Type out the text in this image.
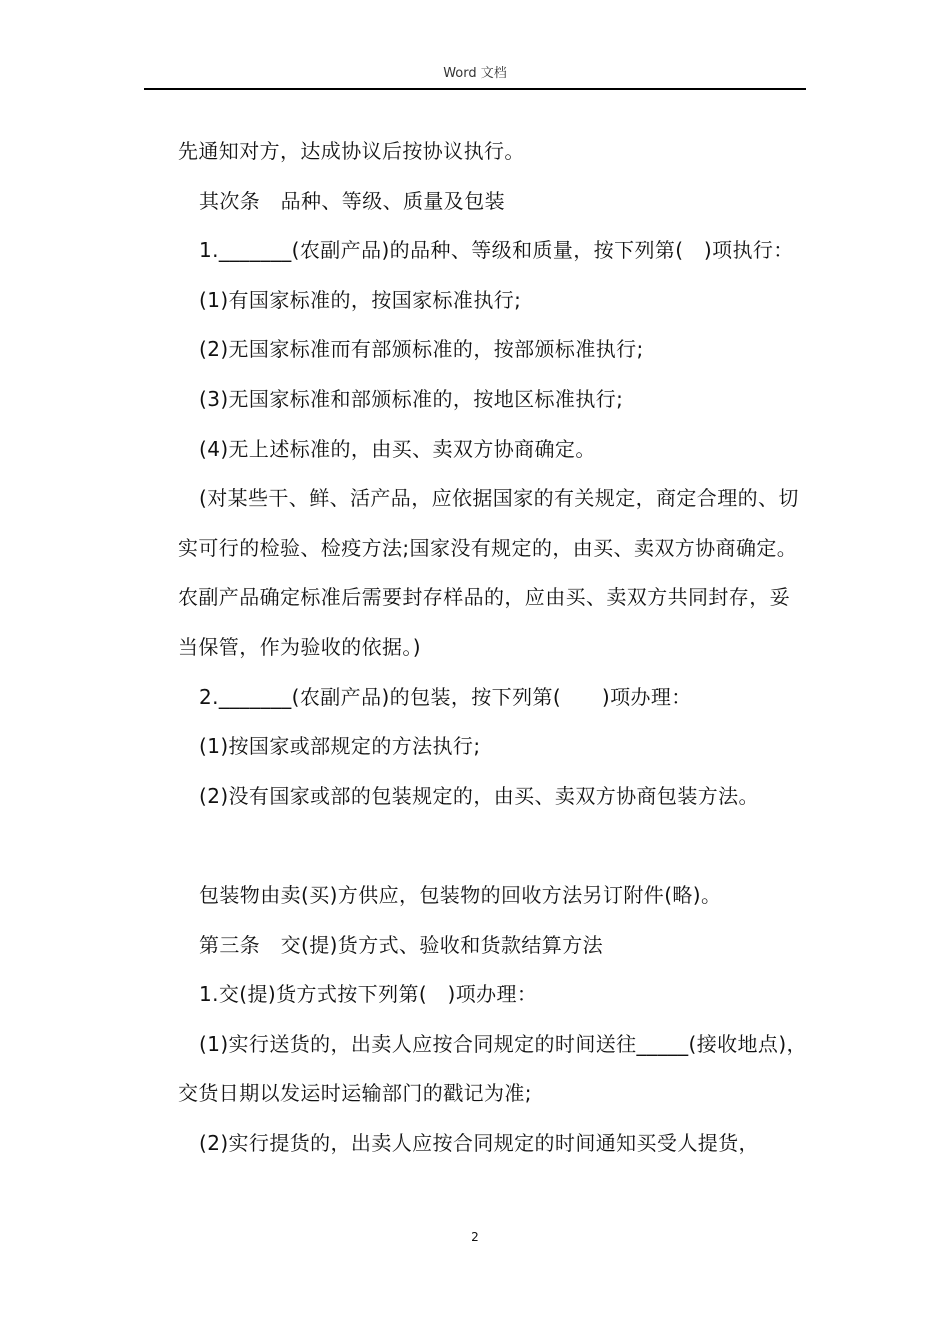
Word 文档

先通知对方，达成协议后按协议执行。

其次条　品种、等级、质量及包装

1._______(农副产品)的品种、等级和质量，按下列第(　)项执行：

(1)有国家标准的，按国家标准执行;

(2)无国家标准而有部颁标准的，按部颁标准执行;

(3)无国家标准和部颁标准的，按地区标准执行;

(4)无上述标准的，由买、卖双方协商确定。

(对某些干、鲜、活产品，应依据国家的有关规定，商定合理的、切实可行的检验、检疫方法;国家没有规定的，由买、卖双方协商确定。农副产品确定标准后需要封存样品的，应由买、卖双方共同封存，妥当保管，作为验收的依据。)

2._______(农副产品)的包装，按下列第(　　)项办理：

(1)按国家或部规定的方法执行;

(2)没有国家或部的包装规定的，由买、卖双方协商包装方法。

包装物由卖(买)方供应，包装物的回收方法另订附件(略)。

第三条　交(提)货方式、验收和货款结算方法

1.交(提)货方式按下列第(　)项办理：

(1)实行送货的，出卖人应按合同规定的时间送往_____(接收地点)，交货日期以发运时运输部门的戳记为准;

(2)实行提货的，出卖人应按合同规定的时间通知买受人提货，

2
